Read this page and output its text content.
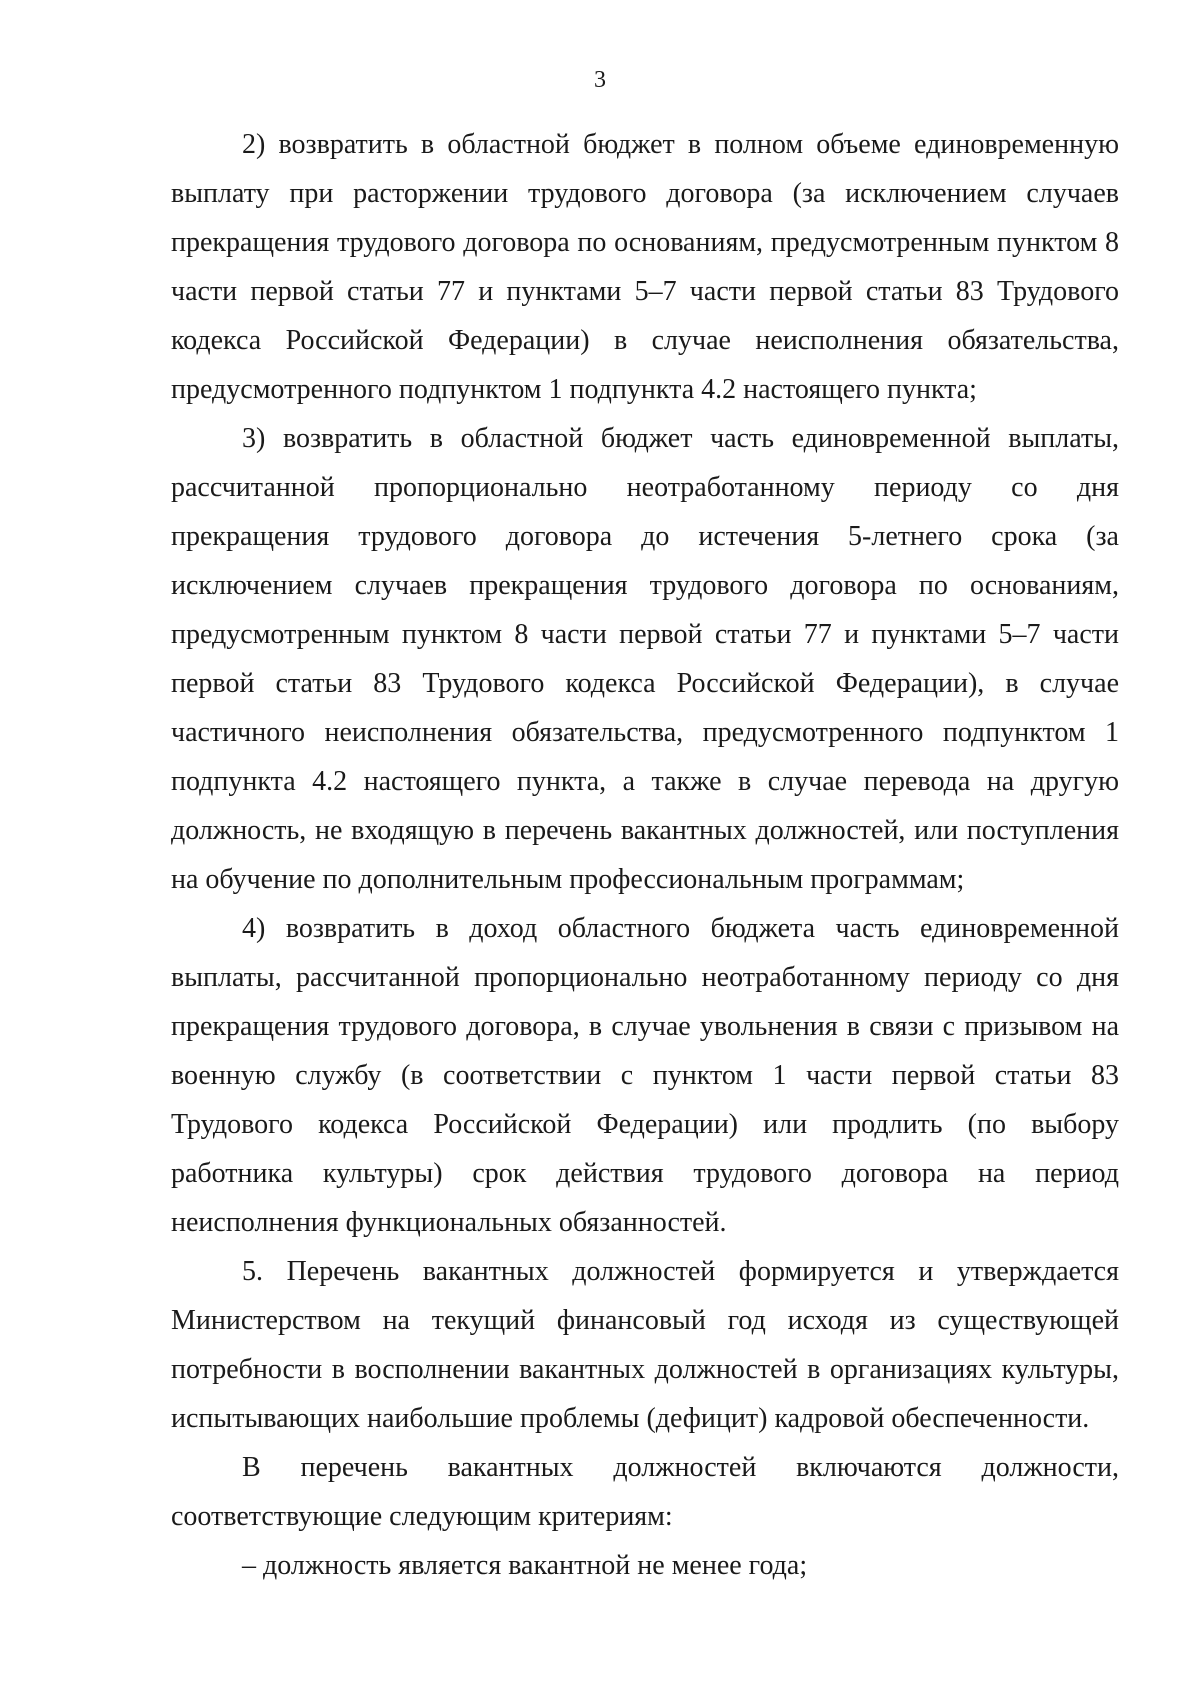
3

2) возвратить в областной бюджет в полном объеме единовременную выплату при расторжении трудового договора (за исключением случаев прекращения трудового договора по основаниям, предусмотренным пунктом 8 части первой статьи 77 и пунктами 5–7 части первой статьи 83 Трудового кодекса Российской Федерации) в случае неисполнения обязательства, предусмотренного подпунктом 1 подпункта 4.2 настоящего пункта;

3) возвратить в областной бюджет часть единовременной выплаты, рассчитанной пропорционально неотработанному периоду со дня прекращения трудового договора до истечения 5-летнего срока (за исключением случаев прекращения трудового договора по основаниям, предусмотренным пунктом 8 части первой статьи 77 и пунктами 5–7 части первой статьи 83 Трудового кодекса Российской Федерации), в случае частичного неисполнения обязательства, предусмотренного подпунктом 1 подпункта 4.2 настоящего пункта, а также в случае перевода на другую должность, не входящую в перечень вакантных должностей, или поступления на обучение по дополнительным профессиональным программам;

4) возвратить в доход областного бюджета часть единовременной выплаты, рассчитанной пропорционально неотработанному периоду со дня прекращения трудового договора, в случае увольнения в связи с призывом на военную службу (в соответствии с пунктом 1 части первой статьи 83 Трудового кодекса Российской Федерации) или продлить (по выбору работника культуры) срок действия трудового договора на период неисполнения функциональных обязанностей.

5. Перечень вакантных должностей формируется и утверждается Министерством на текущий финансовый год исходя из существующей потребности в восполнении вакантных должностей в организациях культуры, испытывающих наибольшие проблемы (дефицит) кадровой обеспеченности.

В перечень вакантных должностей включаются должности, соответствующие следующим критериям:

– должность является вакантной не менее года;
